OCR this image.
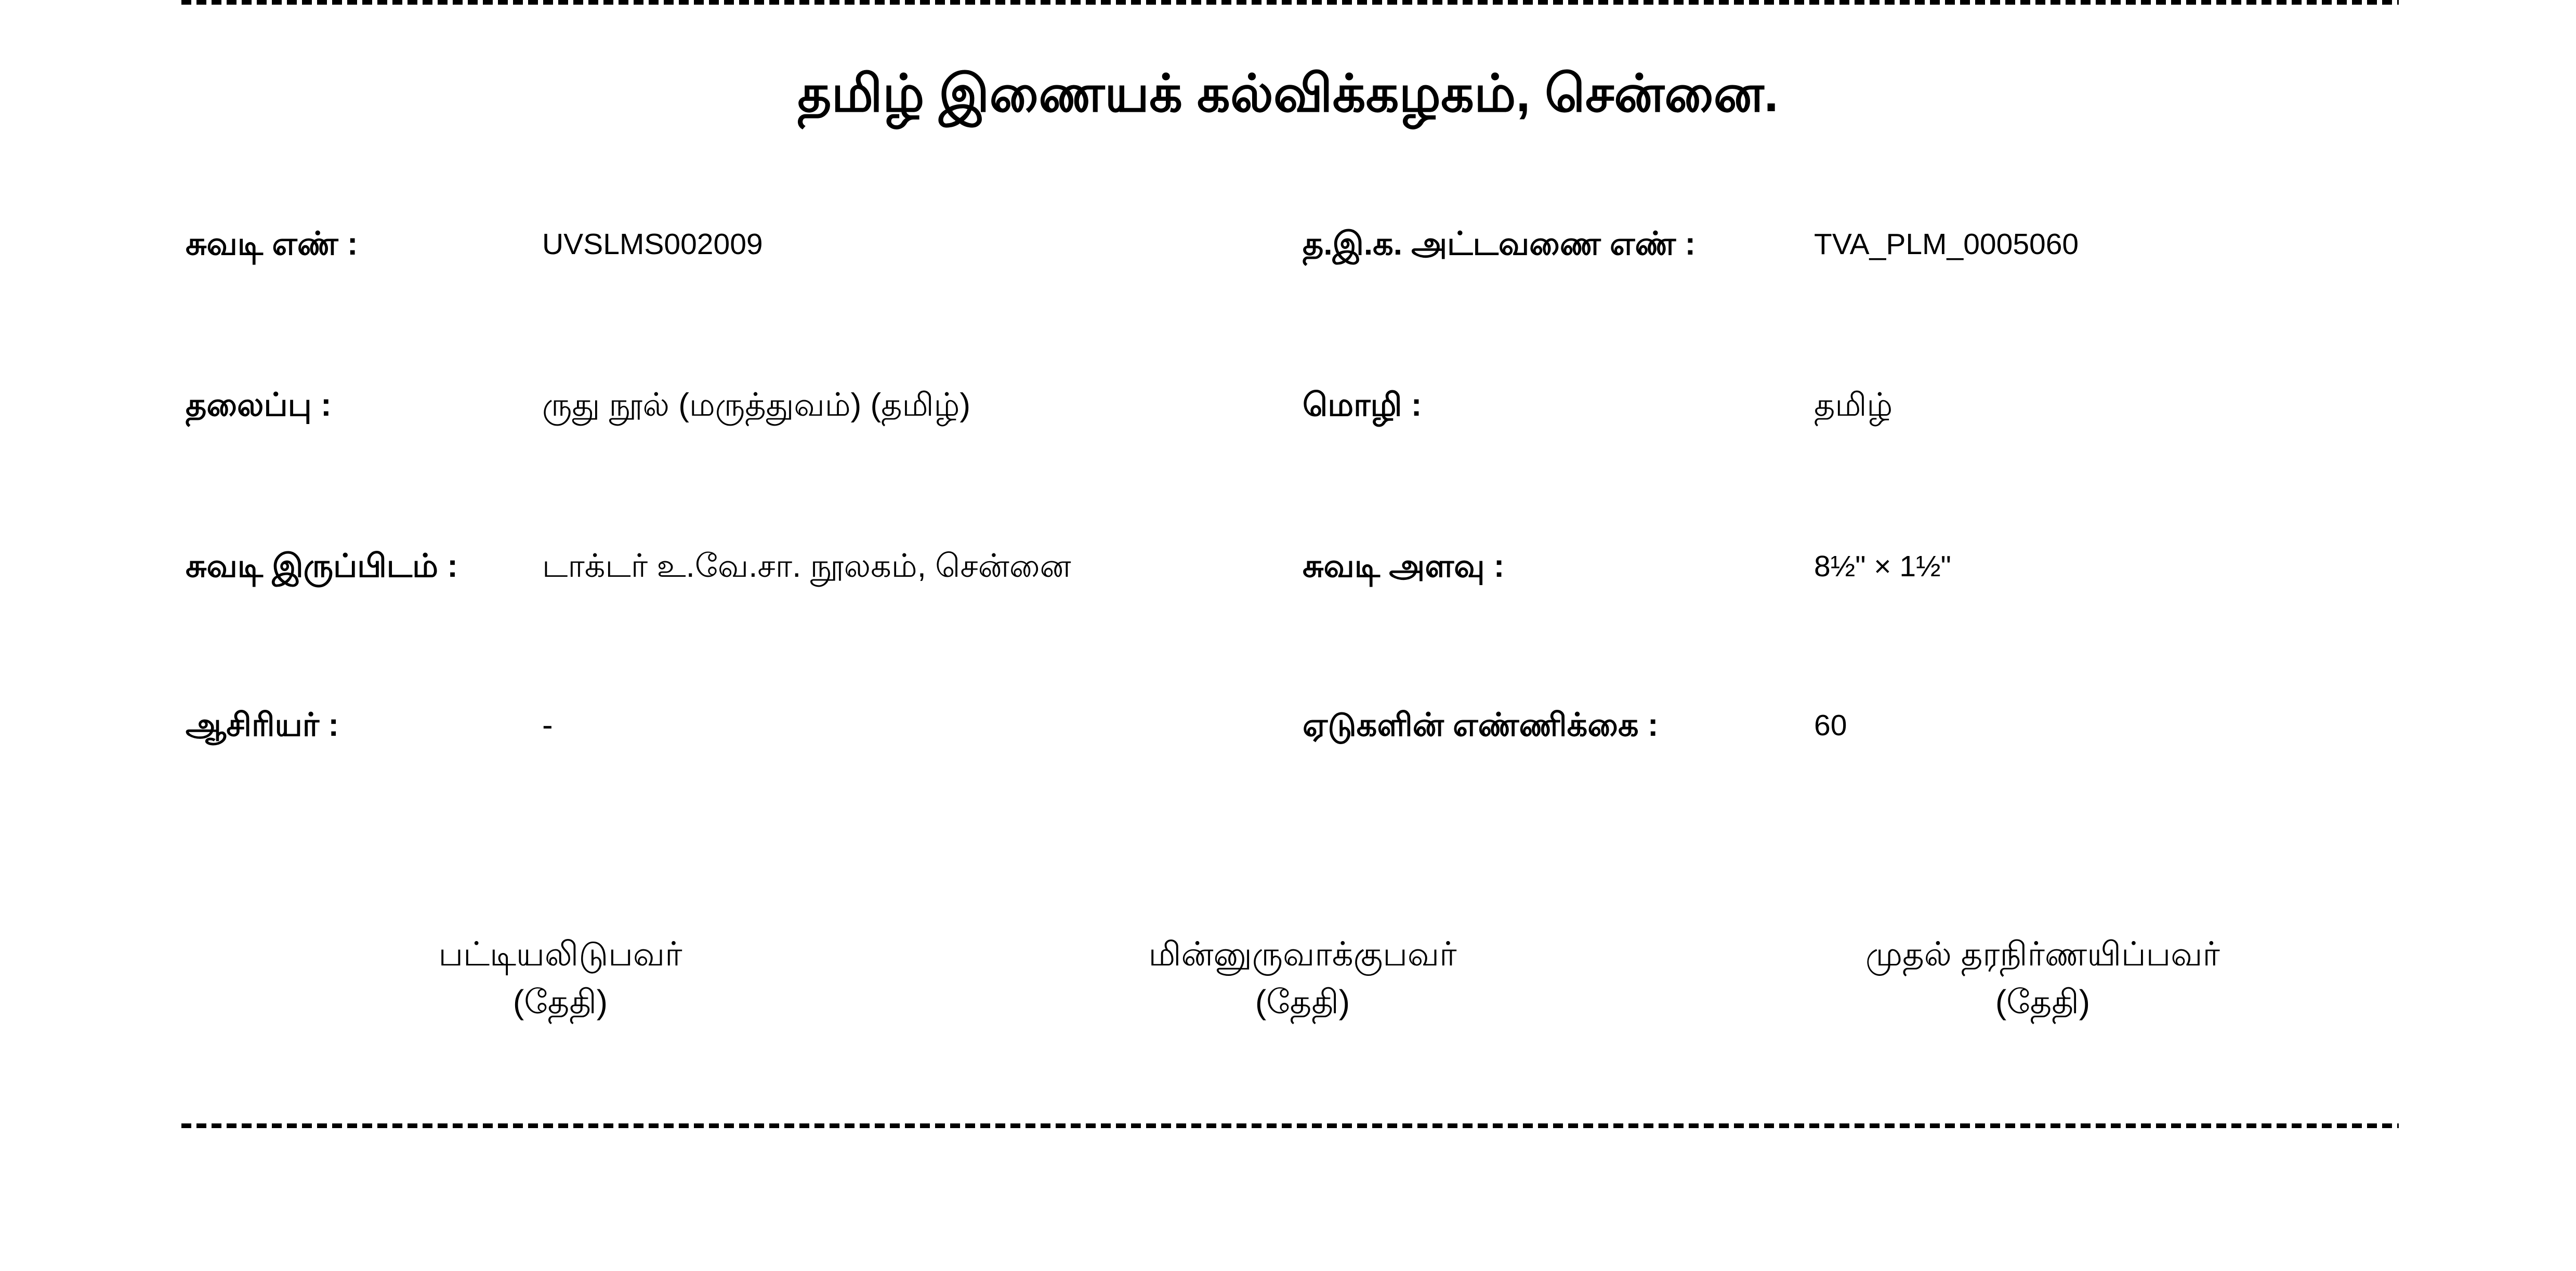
தமிழ் இணையக் கல்விக்கழகம், சென்னை.
சுவடி எண் :	UVSLMS002009	த.இ.க. அட்டவணை எண் :	TVA_PLM_0005060
தலைப்பு :	ருது நூல் (மருத்துவம்) (தமிழ்)	மொழி :	தமிழ்
சுவடி இருப்பிடம் :	டாக்டர் உ.வே.சா. நூலகம், சென்னை	சுவடி அளவு :	8½" × 1½"
ஆசிரியர் :	-	ஏடுகளின் எண்ணிக்கை :	60
பட்டியலிடுபவர்
(தேதி)
மின்னுருவாக்குபவர்
(தேதி)
முதல் தரநிர்ணயிப்பவர்
(தேதி)
